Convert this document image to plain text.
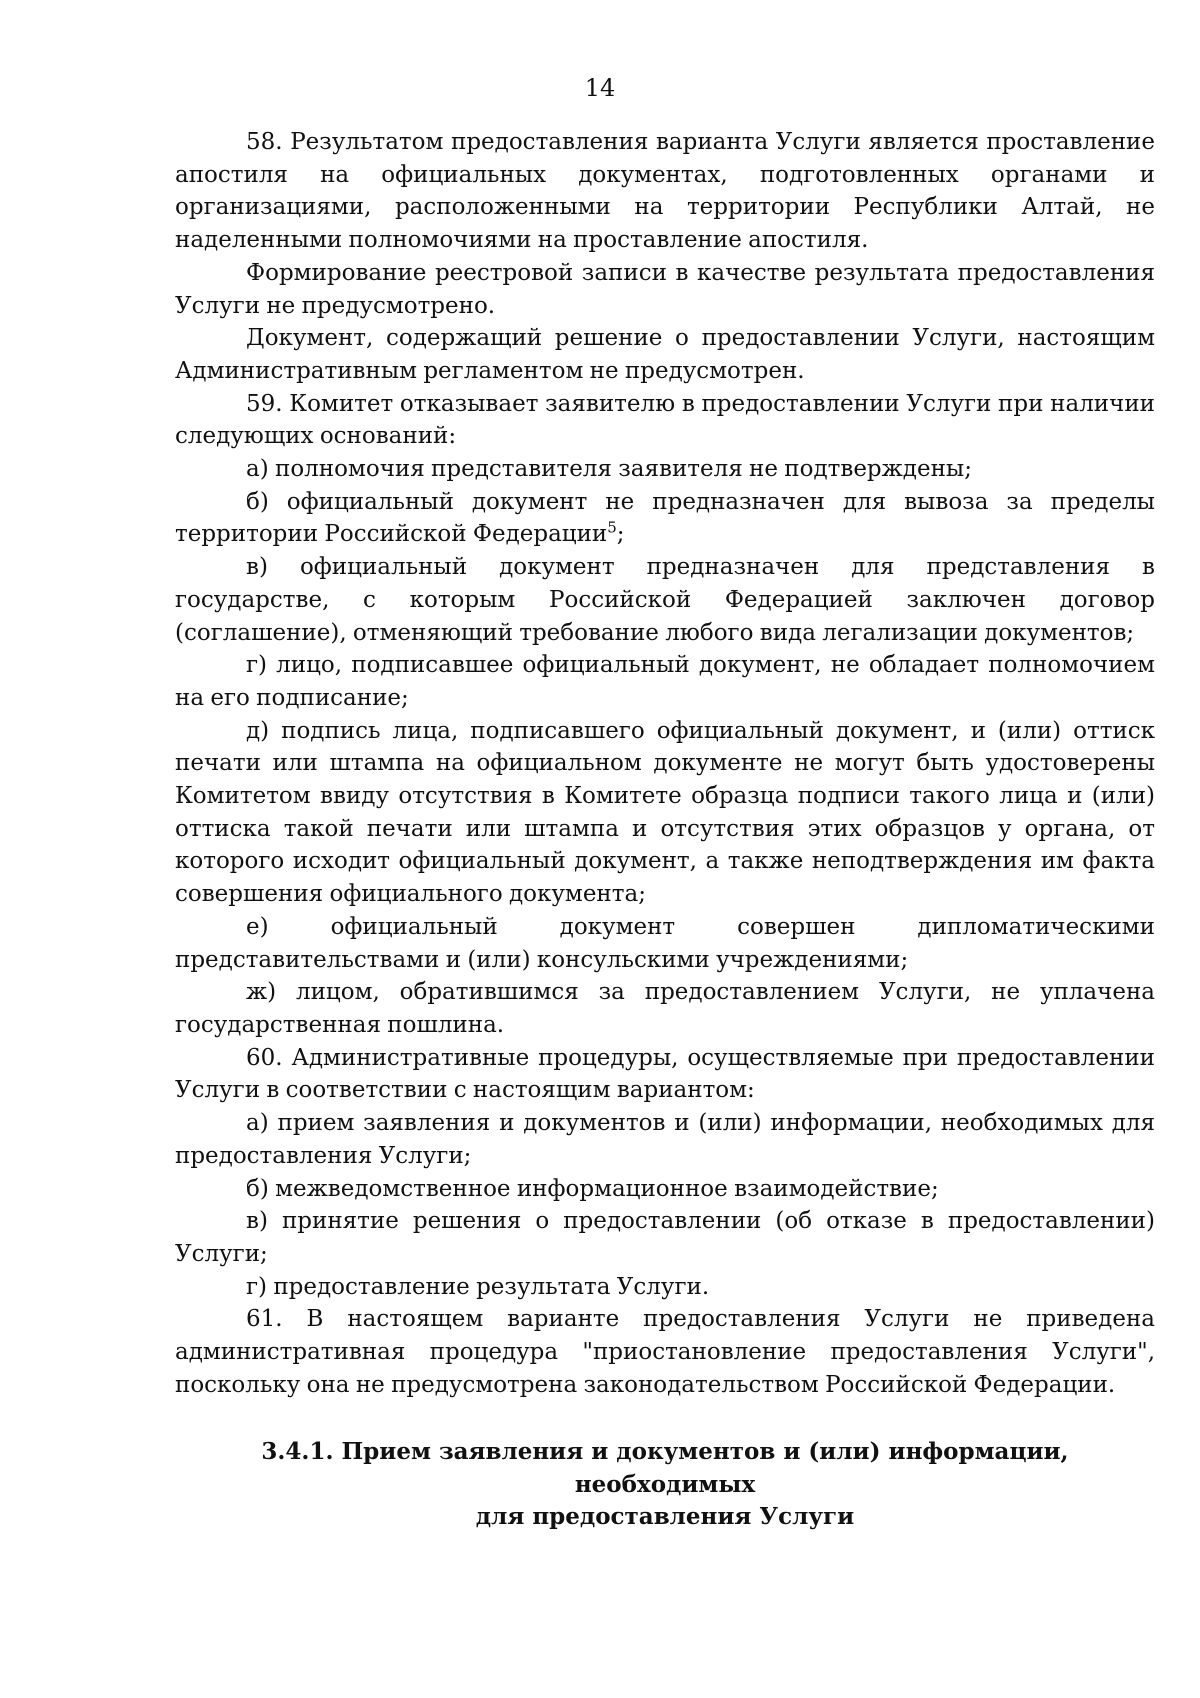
14

58. Результатом предоставления варианта Услуги является проставление апостиля на официальных документах, подготовленных органами и организациями, расположенными на территории Республики Алтай, не наделенными полномочиями на проставление апостиля.

Формирование реестровой записи в качестве результата предоставления Услуги не предусмотрено.

Документ, содержащий решение о предоставлении Услуги, настоящим Административным регламентом не предусмотрен.

59. Комитет отказывает заявителю в предоставлении Услуги при наличии следующих оснований:

а) полномочия представителя заявителя не подтверждены;

б) официальный документ не предназначен для вывоза за пределы территории Российской Федерации$^5$;

в) официальный документ предназначен для представления в государстве, с которым Российской Федерацией заключен договор (соглашение), отменяющий требование любого вида легализации документов;

г) лицо, подписавшее официальный документ, не обладает полномочием на его подписание;

д) подпись лица, подписавшего официальный документ, и (или) оттиск печати или штампа на официальном документе не могут быть удостоверены Комитетом ввиду отсутствия в Комитете образца подписи такого лица и (или) оттиска такой печати или штампа и отсутствия этих образцов у органа, от которого исходит официальный документ, а также неподтверждения им факта совершения официального документа;

е) официальный документ совершен дипломатическими представительствами и (или) консульскими учреждениями;

ж) лицом, обратившимся за предоставлением Услуги, не уплачена государственная пошлина.

60. Административные процедуры, осуществляемые при предоставлении Услуги в соответствии с настоящим вариантом:

а) прием заявления и документов и (или) информации, необходимых для предоставления Услуги;

б) межведомственное информационное взаимодействие;

в) принятие решения о предоставлении (об отказе в предоставлении) Услуги;

г) предоставление результата Услуги.

61. В настоящем варианте предоставления Услуги не приведена административная процедура "приостановление предоставления Услуги", поскольку она не предусмотрена законодательством Российской Федерации.

3.4.1. Прием заявления и документов и (или) информации, необходимых
для предоставления Услуги
